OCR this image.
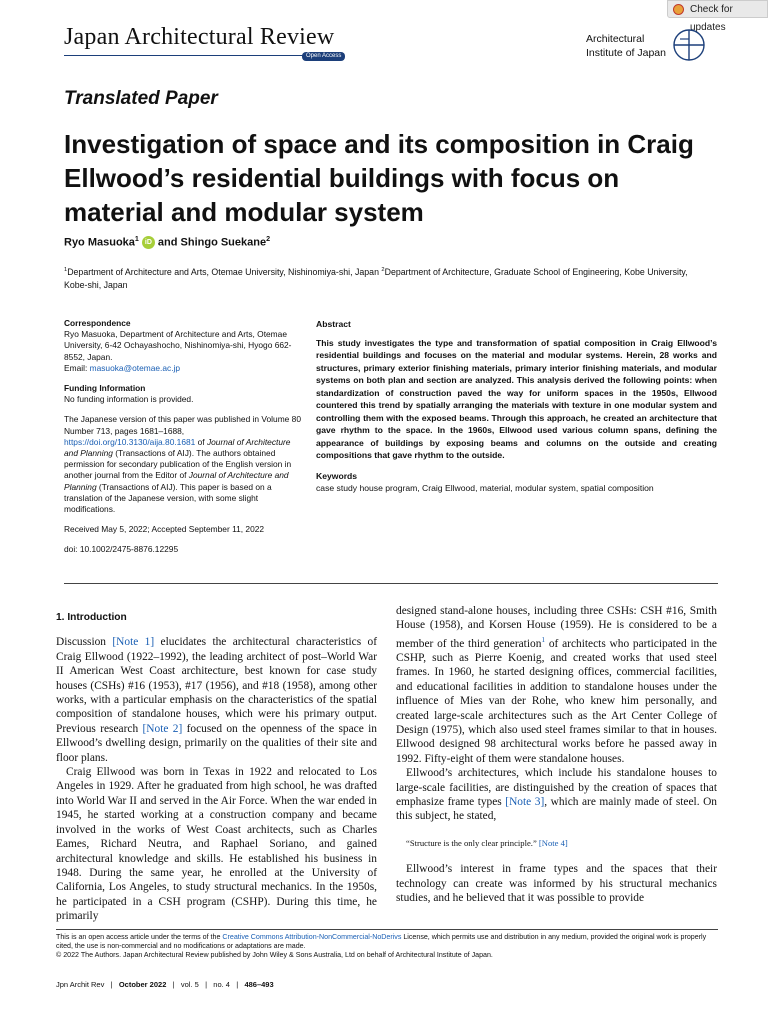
Check for updates
Japan Architectural Review
Open Access
Architectural
Institute of Japan
Translated Paper
Investigation of space and its composition in Craig Ellwood’s residential buildings with focus on material and modular system
Ryo Masuoka$^1$ iD and Shingo Suekane$^2$
$^1$Department of Architecture and Arts, Otemae University, Nishinomiya-shi, Japan $^2$Department of Architecture, Graduate School of Engineering, Kobe University, Kobe-shi, Japan

Correspondence
Ryo Masuoka, Department of Architecture and Arts, Otemae University, 6-42 Ochayashocho, Nishinomiya-shi, Hyogo 662-8552, Japan.
Email: masuoka@otemae.ac.jp

Funding Information
No funding information is provided.

The Japanese version of this paper was published in Volume 80 Number 713, pages 1681–1688, https://doi.org/10.3130/aija.80.1681 of Journal of Architecture and Planning (Transactions of AIJ). The authors obtained permission for secondary publication of the English version in another journal from the Editor of Journal of Architecture and Planning (Transactions of AIJ). This paper is based on a translation of the Japanese version, with some slight modifications.

Received May 5, 2022; Accepted September 11, 2022

doi: 10.1002/2475-8876.12295

Abstract
This study investigates the type and transformation of spatial composition in Craig Ellwood’s residential buildings and focuses on the material and modular systems. Herein, 28 works and structures, primary exterior finishing materials, primary interior finishing materials, and modular systems on both plan and section are analyzed. This analysis derived the following points: when standardization of construction paved the way for uniform spaces in the 1950s, Ellwood countered this trend by spatially arranging the materials with texture in one modular system and controlling them with the exposed beams. Through this approach, he created an architecture that gave rhythm to the space. In the 1960s, Ellwood used various column spans, defining the appearance of buildings by exposing beams and columns on the outside and creating compositions that gave rhythm to the outside.
Keywords
case study house program, Craig Ellwood, material, modular system, spatial composition
1. Introduction

Discussion [Note 1] elucidates the architectural characteristics of Craig Ellwood (1922–1992), the leading architect of post–World War II American West Coast architecture, best known for case study houses (CSHs) #16 (1953), #17 (1956), and #18 (1958), among other works, with a particular emphasis on the characteristics of the spatial composition of standalone houses, which were his primary output. Previous research [Note 2] focused on the openness of the space in Ellwood’s dwelling design, primarily on the qualities of their site and floor plans.

Craig Ellwood was born in Texas in 1922 and relocated to Los Angeles in 1929. After he graduated from high school, he was drafted into World War II and served in the Air Force. When the war ended in 1945, he started working at a construction company and became involved in the works of West Coast architects, such as Charles Eames, Richard Neutra, and Raphael Soriano, and gained architectural knowledge and skills. He established his business in 1948. During the same year, he enrolled at the University of California, Los Angeles, to study structural mechanics. In the 1950s, he participated in a CSH program (CSHP). During this time, he primarily

designed stand-alone houses, including three CSHs: CSH #16, Smith House (1958), and Korsen House (1959). He is considered to be a member of the third generation$^1$ of architects who participated in the CSHP, such as Pierre Koenig, and created works that used steel frames. In 1960, he started designing offices, commercial facilities, and educational facilities in addition to standalone houses under the influence of Mies van der Rohe, who knew him personally, and created large-scale architectures such as the Art Center College of Design (1975), which also used steel frames similar to that in houses. Ellwood designed 98 architectural works before he passed away in 1992. Fifty-eight of them were standalone houses.

Ellwood’s architectures, which include his standalone houses to large-scale facilities, are distinguished by the creation of spaces that emphasize frame types [Note 3], which are mainly made of steel. On this subject, he stated,

“Structure is the only clear principle.” [Note 4]

Ellwood’s interest in frame types and the spaces that their technology can create was informed by his structural mechanics studies, and he believed that it was possible to provide

This is an open access article under the terms of the Creative Commons Attribution-NonCommercial-NoDerivs License, which permits use and distribution in any medium, provided the original work is properly cited, the use is non-commercial and no modifications or adaptations are made.
© 2022 The Authors. Japan Architectural Review published by John Wiley & Sons Australia, Ltd on behalf of Architectural Institute of Japan.
Jpn Archit Rev | October 2022 | vol. 5 | no. 4 | 486–493
